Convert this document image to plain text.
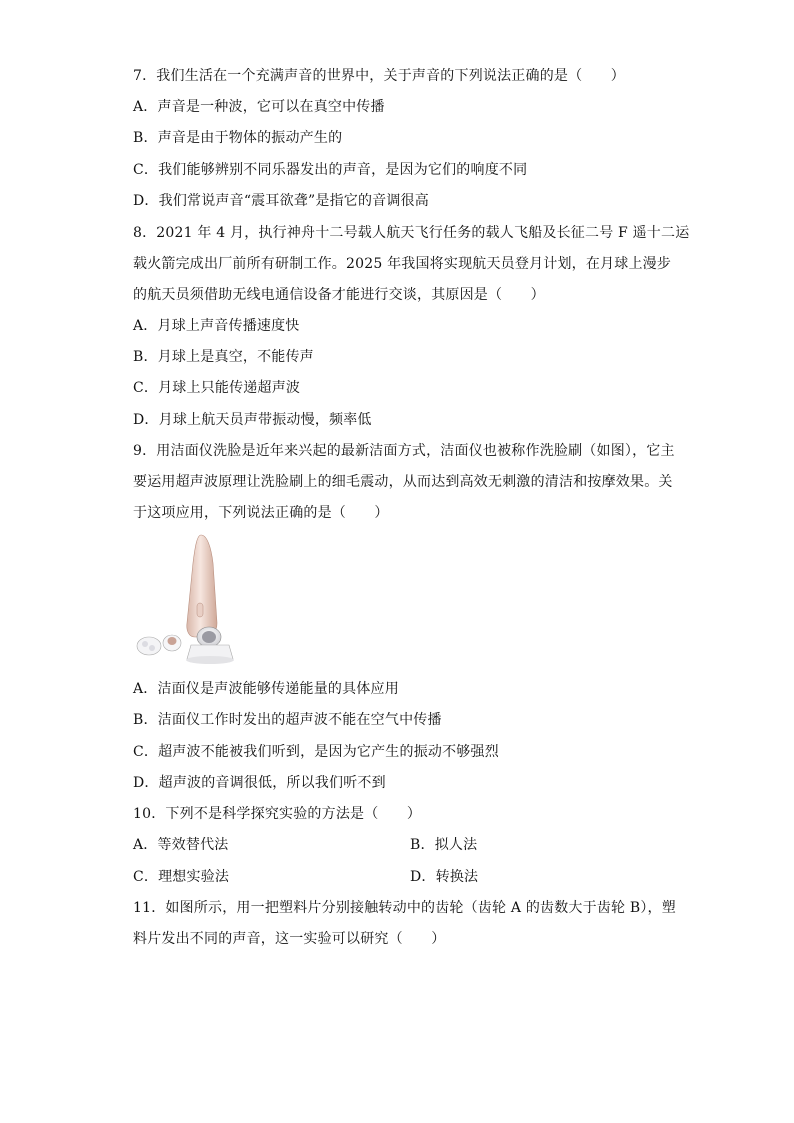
7．我们生活在一个充满声音的世界中，关于声音的下列说法正确的是（　　）
A．声音是一种波，它可以在真空中传播
B．声音是由于物体的振动产生的
C．我们能够辨别不同乐器发出的声音，是因为它们的响度不同
D．我们常说声音“震耳欲聋”是指它的音调很高
8．2021 年 4 月，执行神舟十二号载人航天飞行任务的载人飞船及长征二号 F 遥十二运
载火箭完成出厂前所有研制工作。2025 年我国将实现航天员登月计划，在月球上漫步
的航天员须借助无线电通信设备才能进行交谈，其原因是（　　）
A．月球上声音传播速度快
B．月球上是真空，不能传声
C．月球上只能传递超声波
D．月球上航天员声带振动慢，频率低
9．用洁面仪洗脸是近年来兴起的最新洁面方式，洁面仪也被称作洗脸刷（如图），它主
要运用超声波原理让洗脸刷上的细毛震动，从而达到高效无刺激的清洁和按摩效果。关
于这项应用，下列说法正确的是（　　）
A．洁面仪是声波能够传递能量的具体应用
B．洁面仪工作时发出的超声波不能在空气中传播
C．超声波不能被我们听到，是因为它产生的振动不够强烈
D．超声波的音调很低，所以我们听不到
10．下列不是科学探究实验的方法是（　　）
A．等效替代法	B．拟人法
C．理想实验法	D．转换法
11．如图所示，用一把塑料片分别接触转动中的齿轮（齿轮 A 的齿数大于齿轮 B），塑
料片发出不同的声音，这一实验可以研究（　　）
